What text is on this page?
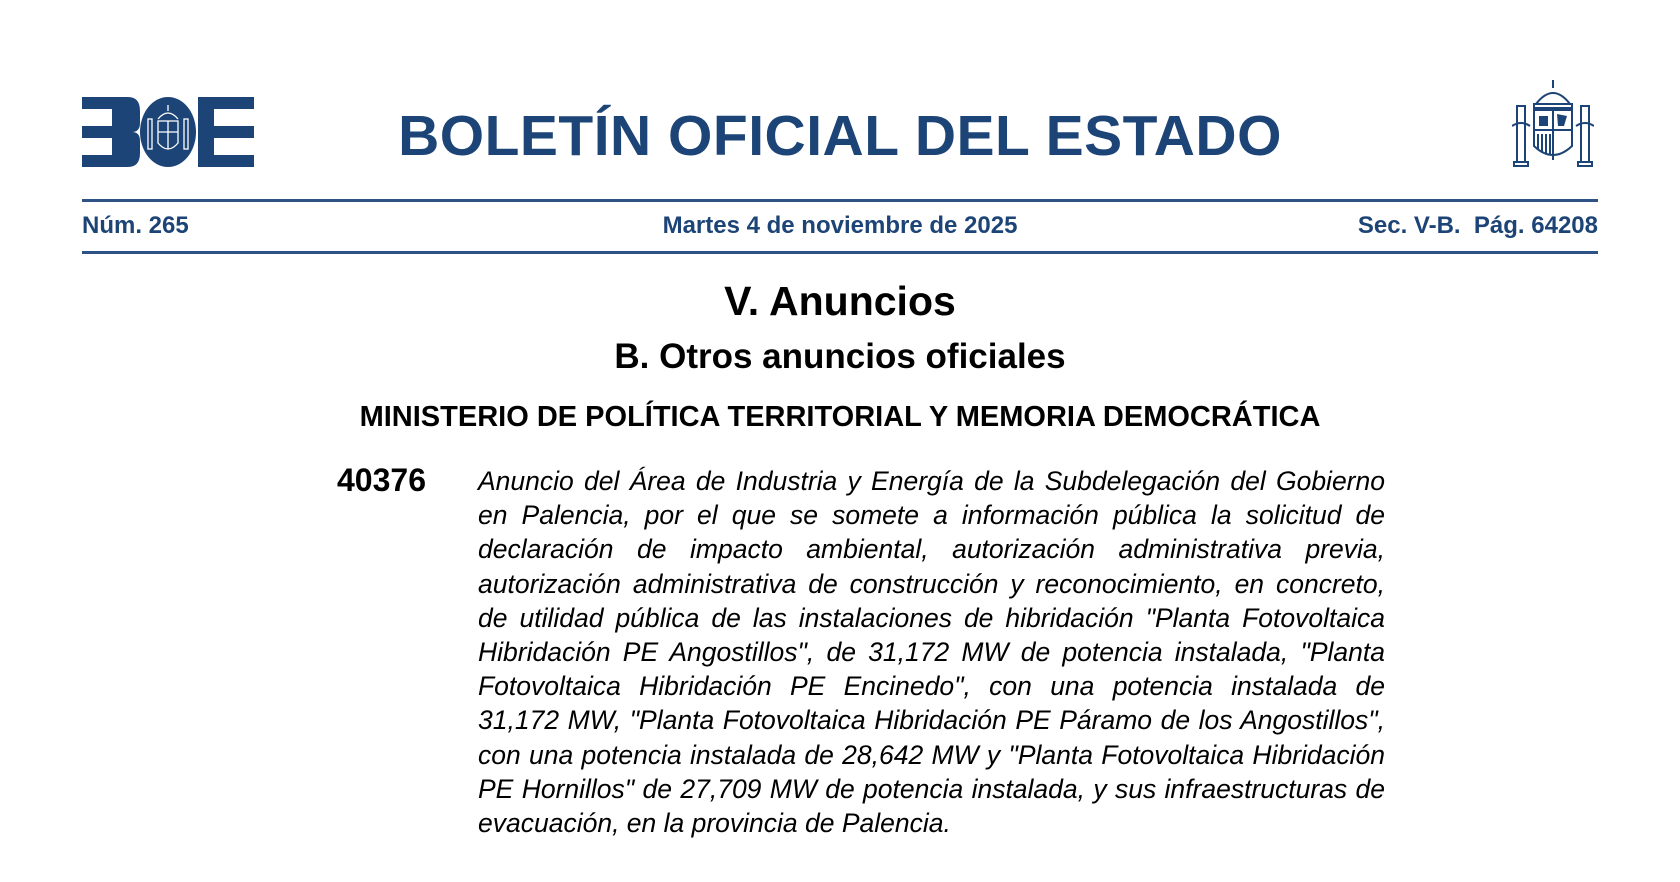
BOLETÍN OFICIAL DEL ESTADO
Martes 4 de noviembre de 2025
Núm. 265	Sec. V-B.  Pág. 64208
V. Anuncios
B. Otros anuncios oficiales
MINISTERIO DE POLÍTICA TERRITORIAL Y MEMORIA DEMOCRÁTICA
40376 Anuncio del Área de Industria y Energía de la Subdelegación del Gobierno en Palencia, por el que se somete a información pública la solicitud de declaración de impacto ambiental, autorización administrativa previa, autorización administrativa de construcción y reconocimiento, en concreto, de utilidad pública de las instalaciones de hibridación "Planta Fotovoltaica Hibridación PE Angostillos", de 31,172 MW de potencia instalada, "Planta Fotovoltaica Hibridación PE Encinedo", con una potencia instalada de 31,172 MW, "Planta Fotovoltaica Hibridación PE Páramo de los Angostillos", con una potencia instalada de 28,642 MW y "Planta Fotovoltaica Hibridación PE Hornillos" de 27,709 MW de potencia instalada, y sus infraestructuras de evacuación, en la provincia de Palencia.
